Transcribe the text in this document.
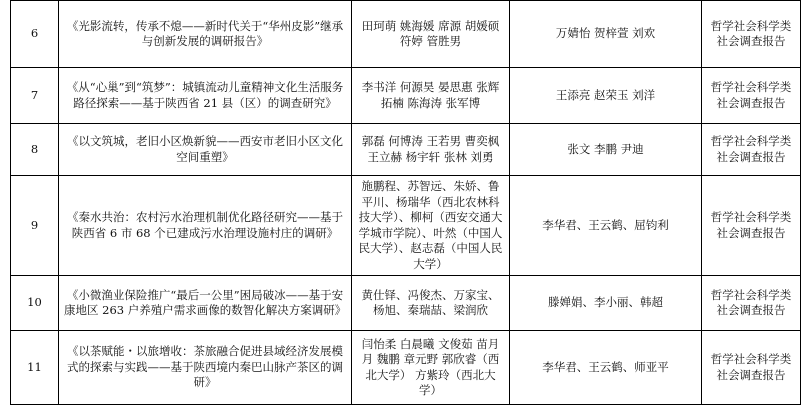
6	《光影流转，传承不熄——新时代关于“华州皮影”继承与创新发展的调研报告》	田珂萌 姚海媛 席源 胡媛硕 符婷 管胜男	万婧怡 贺梓萱 刘欢	哲学社会科学类社会调查报告
7	《从“心巢”到“筑梦”：城镇流动儿童精神文化生活服务路径探索——基于陕西省 21 县（区）的调查研究》	李书洋 何源昊 晏思惠 张辉 拓楠 陈海涛 张军博	王添亮 赵荣玉 刘洋	哲学社会科学类社会调查报告
8	《以文筑城，老旧小区焕新貌——西安市老旧小区文化空间重塑》	郭磊 何博涛 王若男 曹奕枫 王立赫 杨宇轩 张林 刘勇	张文 李鹏 尹迪	哲学社会科学类社会调查报告
9	《秦水共治：农村污水治理机制优化路径研究——基于陕西省 6 市 68 个已建成污水治理设施村庄的调研》	施鹏程、苏智远、朱娇、鲁平川、杨瑞华（西北农林科技大学）、柳柯（西安交通大学城市学院）、叶然（中国人民大学）、赵志磊（中国人民大学）	李华君、王云鹤、屈钧利	哲学社会科学类社会调查报告
10	《小微渔业保险推广“最后一公里”困局破冰——基于安康地区 263 户养殖户需求画像的数智化解决方案调研》	黄仕铎、冯俊杰、万家宝、杨旭、秦瑞喆、梁润欣	滕婵娟、李小丽、韩超	哲学社会科学类社会调查报告
11	《以茶赋能・以旅增收：茶旅融合促进县域经济发展模式的探索与实践——基于陕西境内秦巴山脉产茶区的调研》	闫怡柔 白晨曦 文俊茹 苗月月 魏鹏 章元野 郭欣睿（西北大学） 方紫玲（西北大学）	李华君、王云鹤、师亚平	哲学社会科学类社会调查报告
